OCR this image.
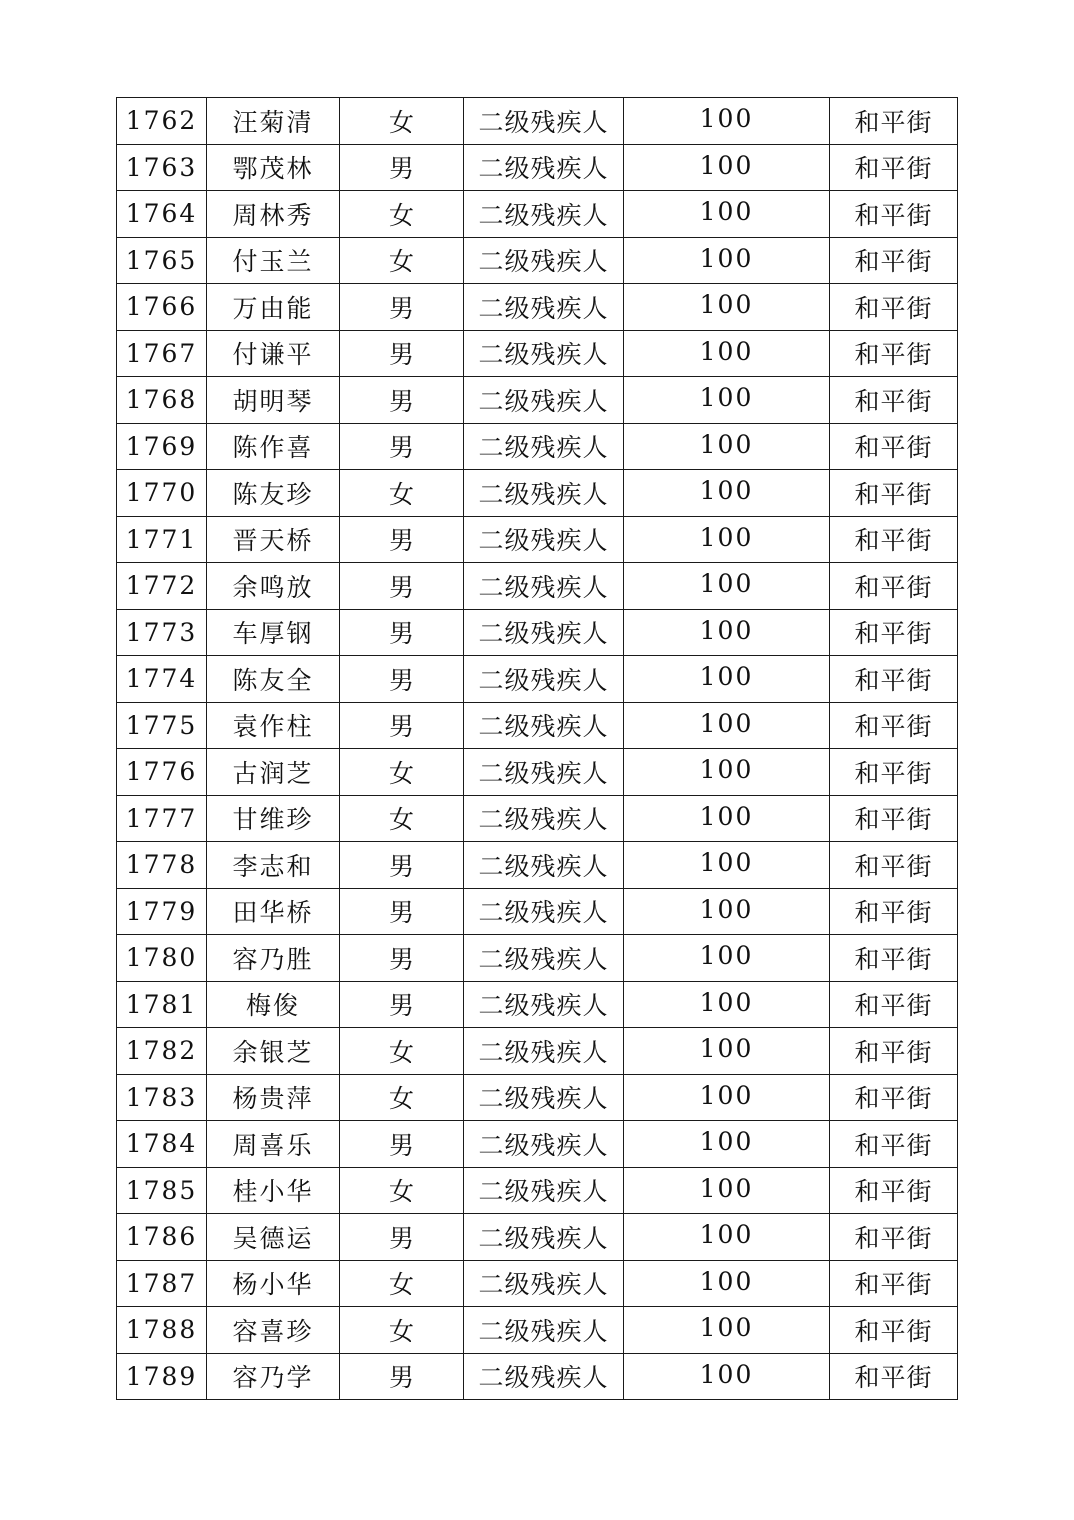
1762	汪菊清	女	二级残疾人	100	和平街
1763	鄂茂林	男	二级残疾人	100	和平街
1764	周林秀	女	二级残疾人	100	和平街
1765	付玉兰	女	二级残疾人	100	和平街
1766	万由能	男	二级残疾人	100	和平街
1767	付谦平	男	二级残疾人	100	和平街
1768	胡明琴	男	二级残疾人	100	和平街
1769	陈作喜	男	二级残疾人	100	和平街
1770	陈友珍	女	二级残疾人	100	和平街
1771	晋天桥	男	二级残疾人	100	和平街
1772	余鸣放	男	二级残疾人	100	和平街
1773	车厚钢	男	二级残疾人	100	和平街
1774	陈友全	男	二级残疾人	100	和平街
1775	袁作柱	男	二级残疾人	100	和平街
1776	古润芝	女	二级残疾人	100	和平街
1777	甘维珍	女	二级残疾人	100	和平街
1778	李志和	男	二级残疾人	100	和平街
1779	田华桥	男	二级残疾人	100	和平街
1780	容乃胜	男	二级残疾人	100	和平街
1781	梅俊	男	二级残疾人	100	和平街
1782	余银芝	女	二级残疾人	100	和平街
1783	杨贵萍	女	二级残疾人	100	和平街
1784	周喜乐	男	二级残疾人	100	和平街
1785	桂小华	女	二级残疾人	100	和平街
1786	吴德运	男	二级残疾人	100	和平街
1787	杨小华	女	二级残疾人	100	和平街
1788	容喜珍	女	二级残疾人	100	和平街
1789	容乃学	男	二级残疾人	100	和平街
